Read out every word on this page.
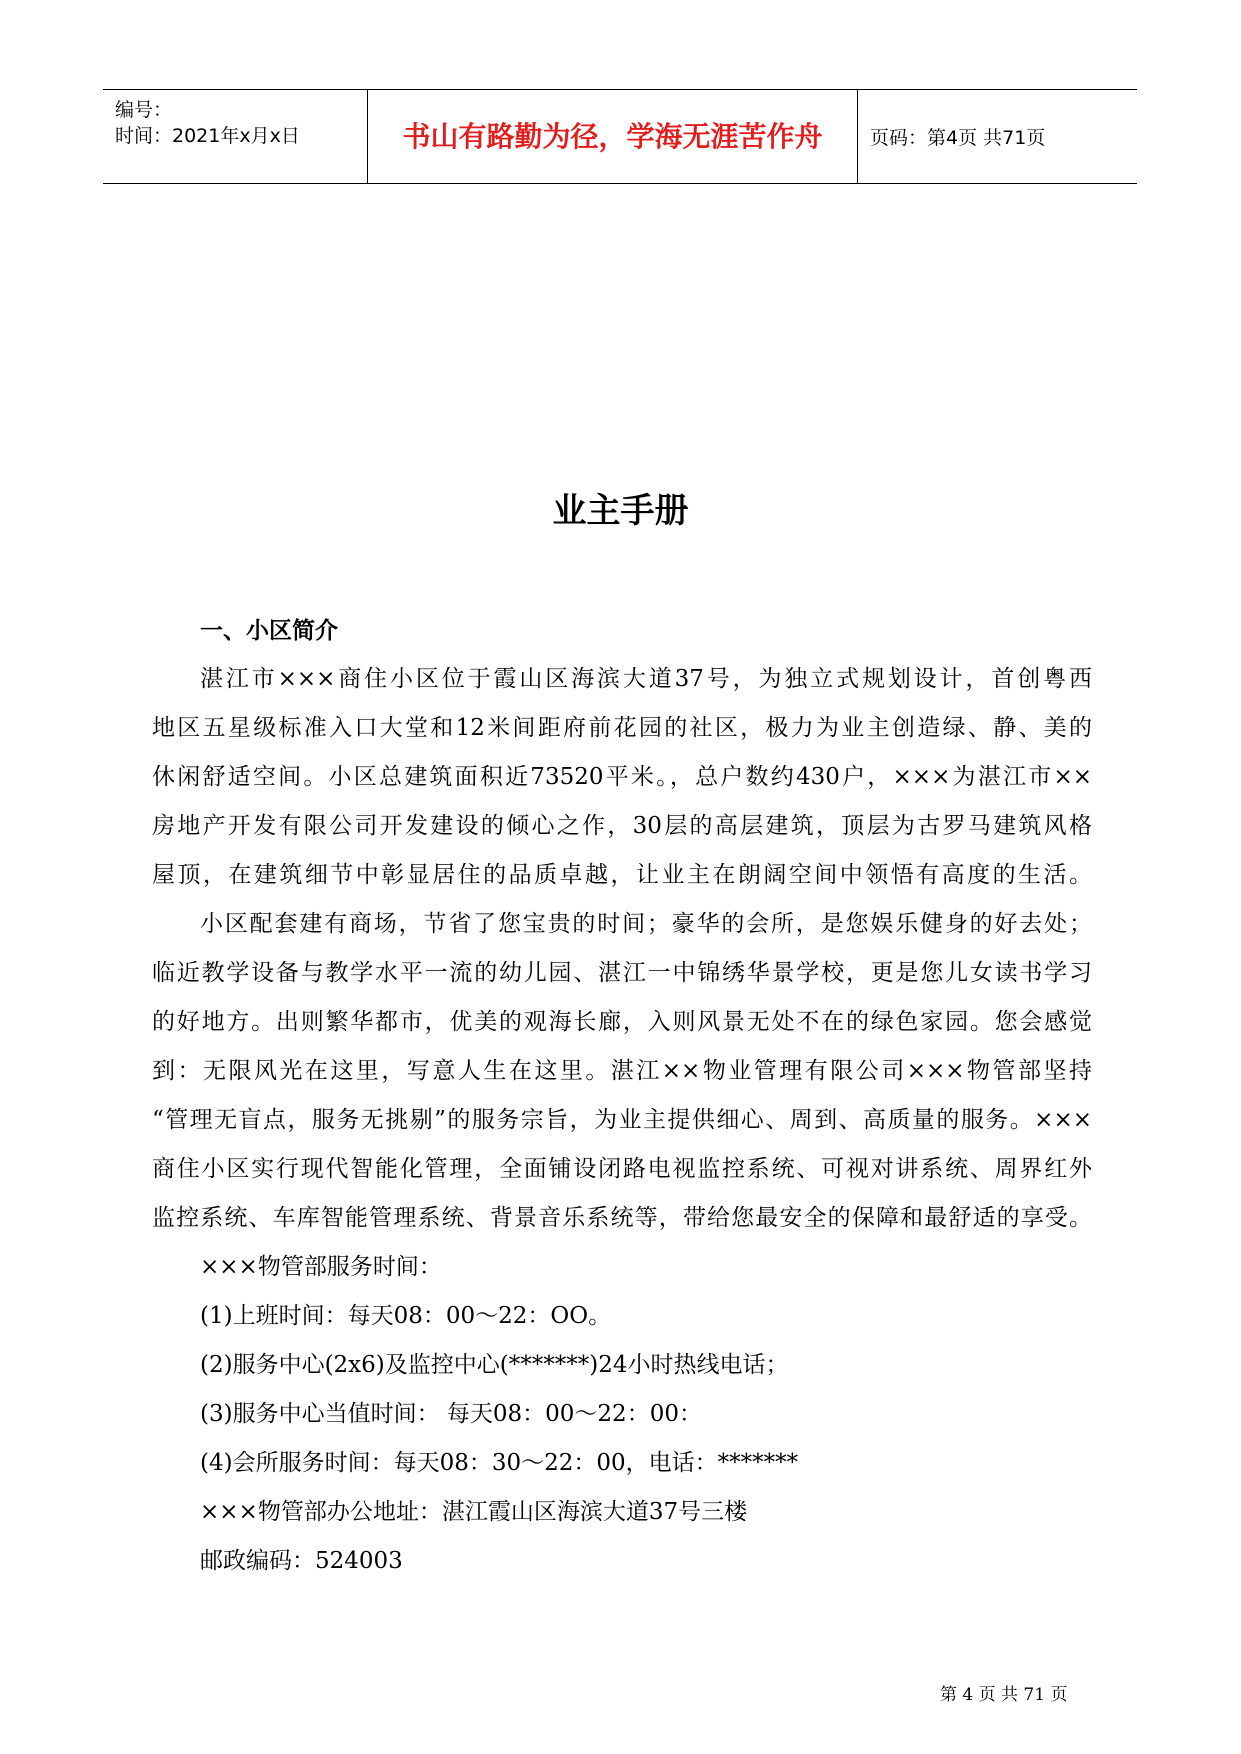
编号：
时间：2021年x月x日	书山有路勤为径，学海无涯苦作舟	页码：第4页 共71页
业主手册
一、小区简介
湛江市×××商住小区位于霞山区海滨大道37号，为独立式规划设计，首创粤西
地区五星级标准入口大堂和12米间距府前花园的社区，极力为业主创造绿、静、美的
休闲舒适空间。小区总建筑面积近73520平米。，总户数约430户，×××为湛江市××
房地产开发有限公司开发建设的倾心之作，30层的高层建筑，顶层为古罗马建筑风格
屋顶，在建筑细节中彰显居住的品质卓越，让业主在朗阔空间中领悟有高度的生活。
小区配套建有商场，节省了您宝贵的时间；豪华的会所，是您娱乐健身的好去处；
临近教学设备与教学水平一流的幼儿园、湛江一中锦绣华景学校，更是您儿女读书学习
的好地方。出则繁华都市，优美的观海长廊，入则风景无处不在的绿色家园。您会感觉
到：无限风光在这里，写意人生在这里。湛江××物业管理有限公司×××物管部坚持
“管理无盲点，服务无挑剔”的服务宗旨，为业主提供细心、周到、高质量的服务。×××
商住小区实行现代智能化管理，全面铺设闭路电视监控系统、可视对讲系统、周界红外
监控系统、车库智能管理系统、背景音乐系统等，带给您最安全的保障和最舒适的享受。
×××物管部服务时间：
(1)上班时间：每天08：00～22：OO。
(2)服务中心(2x6)及监控中心(*******)24小时热线电话；
(3)服务中心当值时间： 每天08：00～22：00：
(4)会所服务时间：每天08：30～22：00，电话：*******
×××物管部办公地址：湛江霞山区海滨大道37号三楼
邮政编码：524003
第 4 页 共 71 页
